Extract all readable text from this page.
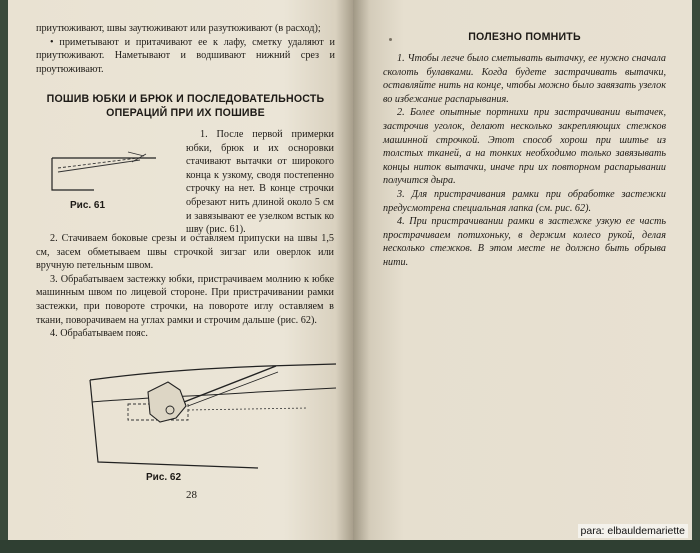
приутюживают, швы заутюживают или разутюживают (в расход);

• приметывают и притачивают ее к лафу, сметку удаляют и приутюживают. Наметывают и водшивают нижний срез и проутюживают.

ПОШИВ ЮБКИ И БРЮК И ПОСЛЕДОВАТЕЛЬНОСТЬ ОПЕРАЦИЙ ПРИ ИХ ПОШИВЕ
Рис. 61

1. После первой примерки юбки, брюк и их осноровки стачивают вытачки от широкого конца к узкому, сводя постепенно строчку на нет. В конце строчки обрезают нить длиной около 5 см и завязывают ее узелком встык ко шву (рис. 61).

2. Стачиваем боковые срезы и оставляем припуски на швы 1,5 см, засем обметываем швы строчкой зигзаг или оверлок или вручную петельным швом.

3. Обрабатываем застежку юбки, пристрачиваем молнию к юбке машинным швом по лицевой стороне. При пристрачивании рамки застежки, при повороте строчки, на повороте иглу оставляем в ткани, поворачиваем на углах рамки и строчим дальше (рис. 62).

4. Обрабатываем пояс.

Рис. 62
28
ПОЛЕЗНО ПОМНИТЬ

1. Чтобы легче было сметывать вытачку, ее нужно сначала сколоть булавками. Когда будете застрачивать вытачки, оставляйте нить на конце, чтобы можно было завязать узелок во избежание распарывания.

2. Более опытные портнихи при застрачивании вытачек, застрочив уголок, делают несколько закрепляющих стежков машинной строчкой. Этот способ хорош при шитье из толстых тканей, а на тонких необходимо только завязывать концы ниток вытачки, иначе при их повторном распарывании получится дыра.

3. Для пристрачивания рамки при обработке застежки предусмотрена специальная лапка (см. рис. 62).

4. При пристрачивании рамки в застежке узкую ее часть прострачиваем потихоньку, в держим колесо рукой, делая несколько стежков. В этом месте не должно быть обрыва нити.

para: elbauldemariette
